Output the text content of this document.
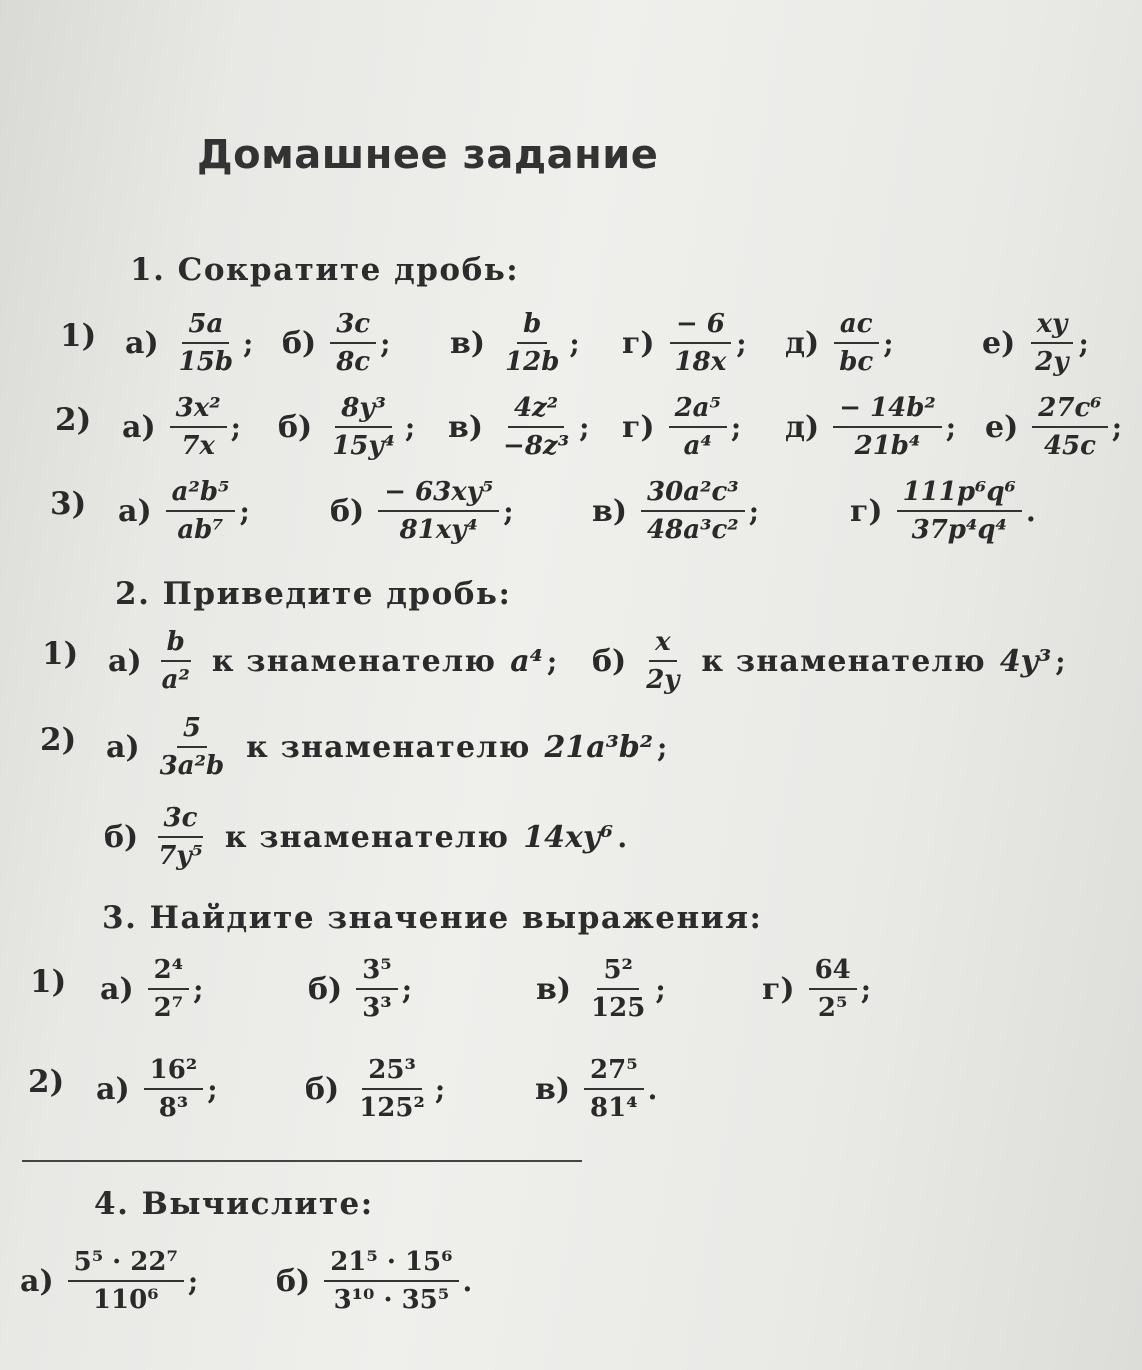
Домашнее задание
1. Сократите дробь:
1) $а) \frac{5a}{15b}$ ; $б) \frac{3c}{8c}$ ; $в) \frac{b}{12b}$ ; $г) \frac{- 6}{18x}$ ; $д) \frac{ac}{bc}$ ;	$е) \frac{xy}{2y}$ ;
2) $а) \frac{\text{3x²}}{7x}$ ; $б) \frac{\text{8y³}}{\text{15y⁴}}$ ; $в) \frac{\text{4z²}}{\text{−8z³}}$ ; $г) \frac{\text{2a⁵}}{\text{a⁴}}$ ; $д) \frac{\text{− 14b²}}{\text{21b⁴}}$ ; $е) \frac{\text{27c⁶}}{45c}$ ;
3) $а) \frac{\text{a²b⁵}}{\text{ab⁷}}$ ;	$б) \frac{\text{− 63xy⁵}}{\text{81xy⁴}}$ ;	$в) \frac{\text{30a²c³}}{\text{48a³c²}}$ ;	$г) \frac{\text{111p⁶q⁶}}{\text{37p⁴q⁴}}$ .
2. Приведите дробь:
1) $а) \frac{b}{\text{a²}}$ к знаменателю a⁴ ; $б) \frac{x}{2y}$ к знаменателю 4y³ ;
2) $а) \frac{5}{\text{3a²b}}$ к знаменателю 21a³b² ;
$б) \frac{3c}{\text{7y⁵}}$ к знаменателю 14xy⁶ .
3. Найдите значение выражения:
1) $а) \frac{\text{2⁴}}{\text{2⁷}}$ ;	$б) \frac{\text{3⁵}}{\text{3³}}$ ;	$в) \frac{\text{5²}}{125}$ ;	$г) \frac{64}{\text{2⁵}}$ ;
2) $а) \frac{\text{16²}}{\text{8³}}$ ;	$б) \frac{\text{25³}}{\text{125²}}$ ;	$в) \frac{\text{27⁵}}{\text{81⁴}}$ .
4. Вычислите:
$а) \frac{\text{5⁵ · 22⁷}}{\text{110⁶}}$ ;	$б) \frac{\text{21⁵ · 15⁶}}{\text{3¹⁰ · 35⁵}}$ .
